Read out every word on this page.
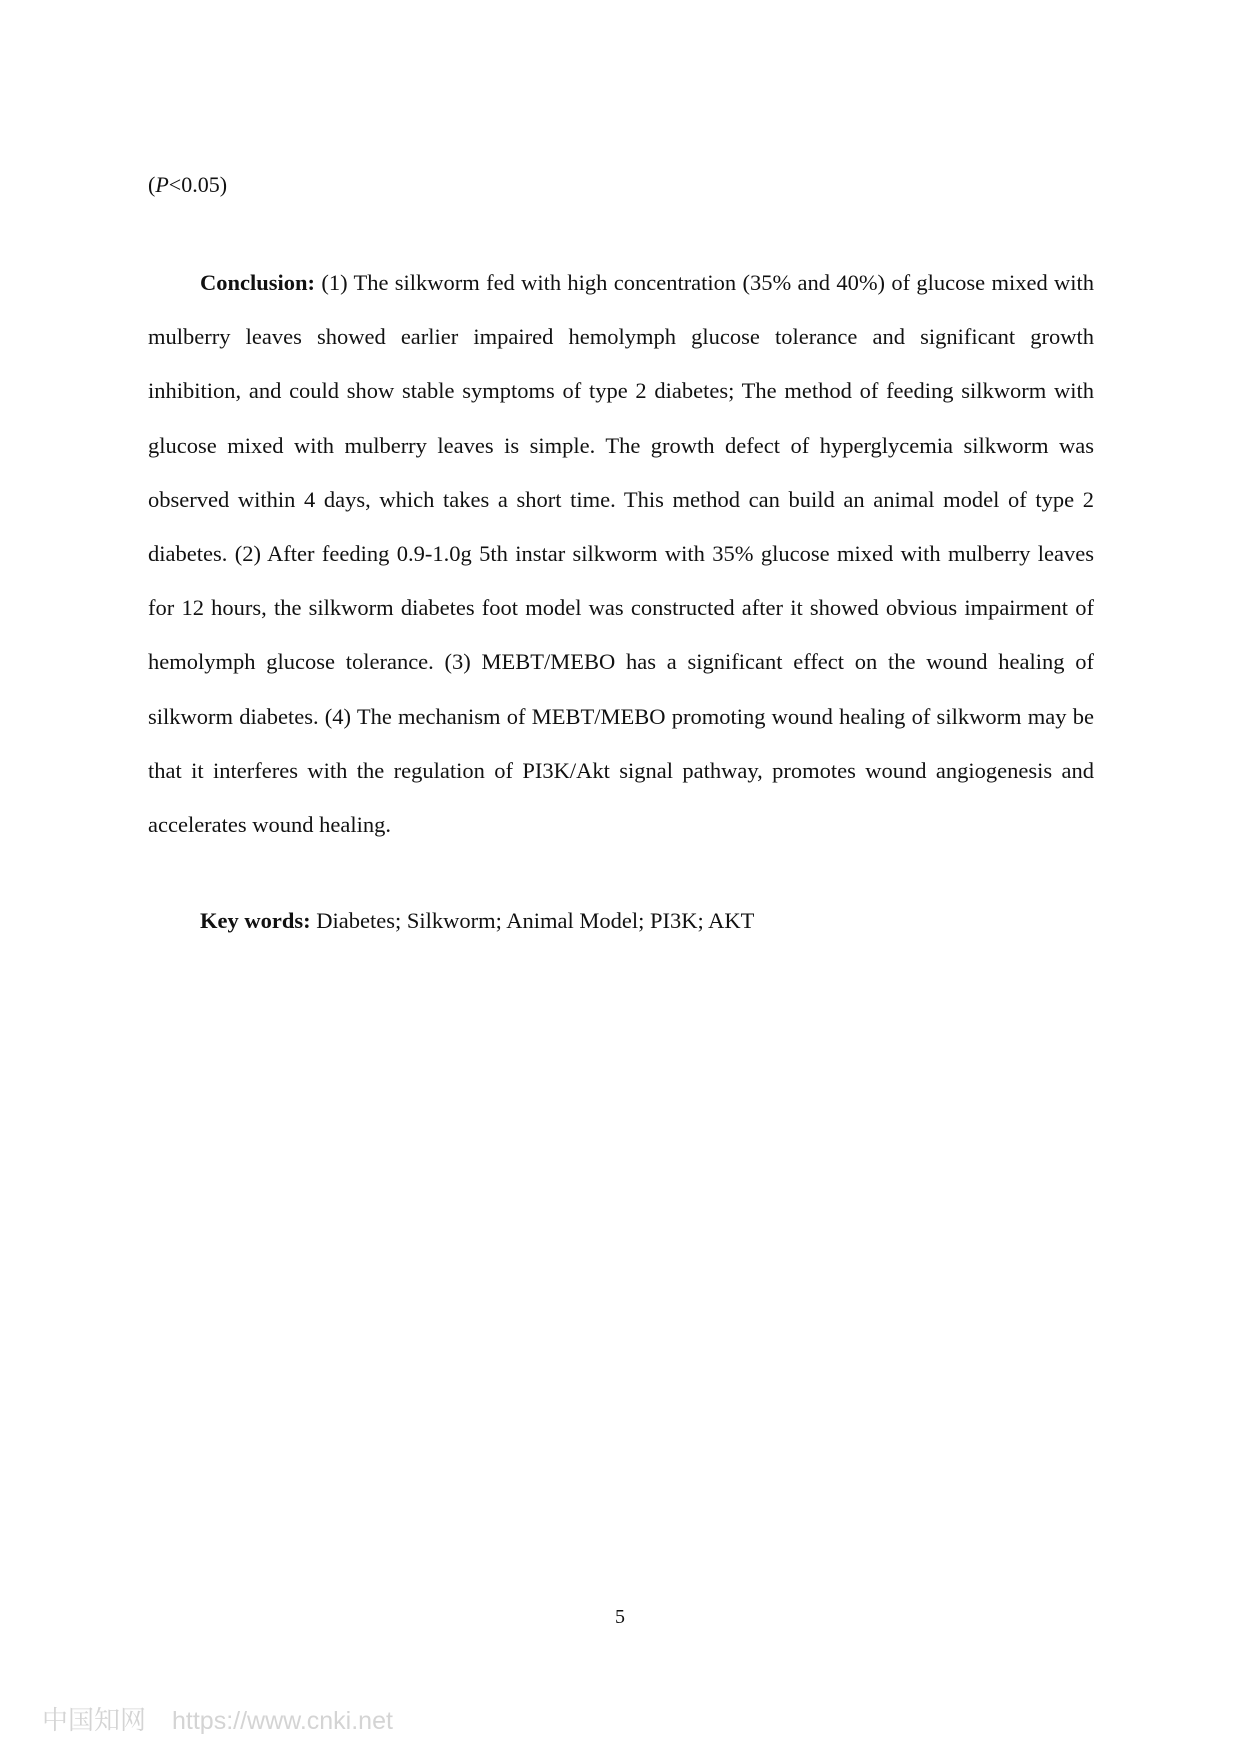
(P<0.05)

Conclusion: (1) The silkworm fed with high concentration (35% and 40%) of glucose mixed with mulberry leaves showed earlier impaired hemolymph glucose tolerance and significant growth inhibition, and could show stable symptoms of type 2 diabetes; The method of feeding silkworm with glucose mixed with mulberry leaves is simple. The growth defect of hyperglycemia silkworm was observed within 4 days, which takes a short time. This method can build an animal model of type 2 diabetes. (2) After feeding 0.9-1.0g 5th instar silkworm with 35% glucose mixed with mulberry leaves for 12 hours, the silkworm diabetes foot model was constructed after it showed obvious impairment of hemolymph glucose tolerance. (3) MEBT/MEBO has a significant effect on the wound healing of silkworm diabetes. (4) The mechanism of MEBT/MEBO promoting wound healing of silkworm may be that it interferes with the regulation of PI3K/Akt signal pathway, promotes wound angiogenesis and accelerates wound healing.

Key words: Diabetes; Silkworm; Animal Model; PI3K; AKT

5
中国知网 https://www.cnki.net
